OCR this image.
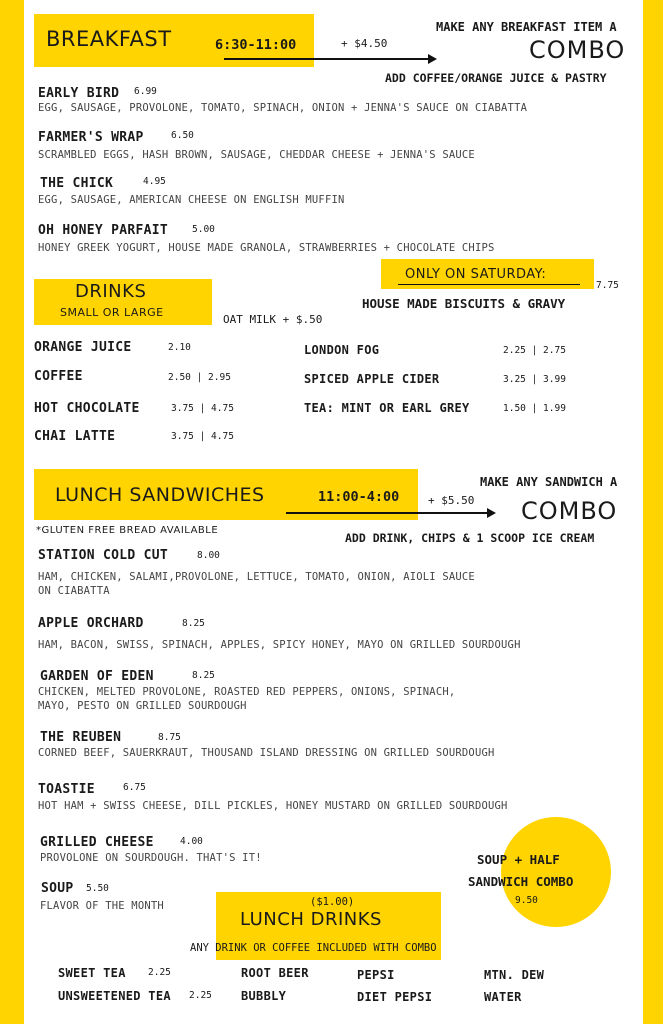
BREAKFAST	6:30-11:00	+ $4.50
MAKE ANY BREAKFAST ITEM A
COMBO
ADD COFFEE/ORANGE JUICE & PASTRY
EARLY BIRD 6.99
EGG, SAUSAGE, PROVOLONE, TOMATO, SPINACH, ONION + JENNA'S SAUCE ON CIABATTA
FARMER'S WRAP	6.50
SCRAMBLED EGGS, HASH BROWN, SAUSAGE, CHEDDAR CHEESE + JENNA'S SAUCE
THE CHICK	4.95
EGG, SAUSAGE, AMERICAN CHEESE ON ENGLISH MUFFIN
OH HONEY PARFAIT	5.00
HONEY GREEK YOGURT, HOUSE MADE GRANOLA, STRAWBERRIES + CHOCOLATE CHIPS
ONLY ON SATURDAY:
7.75
HOUSE MADE BISCUITS & GRAVY
DRINKS
SMALL OR LARGE
OAT MILK + $.50
ORANGE JUICE	2.10
COFFEE	2.50 | 2.95
HOT CHOCOLATE	3.75 | 4.75
CHAI LATTE	3.75 | 4.75
LONDON FOG	2.25 | 2.75
SPICED APPLE CIDER	3.25 | 3.99
TEA: MINT OR EARL GREY	1.50 | 1.99
LUNCH SANDWICHES	11:00-4:00	+ $5.50
MAKE ANY SANDWICH A
COMBO
ADD DRINK, CHIPS & 1 SCOOP ICE CREAM
*GLUTEN FREE BREAD AVAILABLE
STATION COLD CUT	8.00
HAM, CHICKEN, SALAMI,PROVOLONE, LETTUCE, TOMATO, ONION, AIOLI SAUCE
ON CIABATTA
APPLE ORCHARD	8.25
HAM, BACON, SWISS, SPINACH, APPLES, SPICY HONEY, MAYO ON GRILLED SOURDOUGH
GARDEN OF EDEN	8.25
CHICKEN, MELTED PROVOLONE, ROASTED RED PEPPERS, ONIONS, SPINACH,
MAYO, PESTO ON GRILLED SOURDOUGH
THE REUBEN	8.75
CORNED BEEF, SAUERKRAUT, THOUSAND ISLAND DRESSING ON GRILLED SOURDOUGH
TOASTIE	6.75
HOT HAM + SWISS CHEESE, DILL PICKLES, HONEY MUSTARD ON GRILLED SOURDOUGH
GRILLED CHEESE	4.00
PROVOLONE ON SOURDOUGH. THAT'S IT!
SOUP 5.50
FLAVOR OF THE MONTH
SOUP + HALF
SANDWICH COMBO
9.50
($1.00)
LUNCH DRINKS
ANY DRINK OR COFFEE INCLUDED WITH COMBO
SWEET TEA 2.25
UNSWEETENED TEA 2.25
ROOT BEER
BUBBLY
PEPSI
DIET PEPSI
MTN. DEW
WATER
